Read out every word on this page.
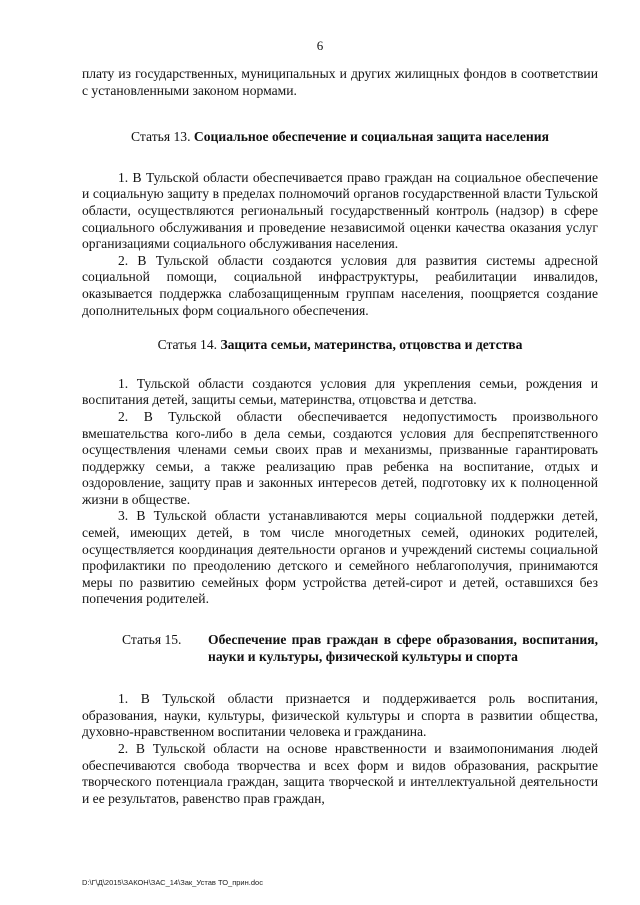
6

плату из государственных, муниципальных и других жилищных фондов в соответствии с установленными законом нормами.

Статья 13. Социальное обеспечение и социальная защита населения

1. В Тульской области обеспечивается право граждан на социальное обеспечение и социальную защиту в пределах полномочий органов государственной власти Тульской области, осуществляются региональный государственный контроль (надзор) в сфере социального обслуживания и проведение независимой оценки качества оказания услуг организациями социального обслуживания населения.

2. В Тульской области создаются условия для развития системы адресной социальной помощи, социальной инфраструктуры, реабилитации инвалидов, оказывается поддержка слабозащищенным группам населения, поощряется создание дополнительных форм социального обеспечения.

Статья 14. Защита семьи, материнства, отцовства и детства

1. Тульской области создаются условия для укрепления семьи, рождения и воспитания детей, защиты семьи, материнства, отцовства и детства.

2. В Тульской области обеспечивается недопустимость произвольного вмешательства кого-либо в дела семьи, создаются условия для беспрепятственного осуществления членами семьи своих прав и механизмы, призванные гарантировать поддержку семьи, а также реализацию прав ребенка на воспитание, отдых и оздоровление, защиту прав и законных интересов детей, подготовку их к полноценной жизни в обществе.

3. В Тульской области устанавливаются меры социальной поддержки детей, семей, имеющих детей, в том числе многодетных семей, одиноких родителей, осуществляется координация деятельности органов и учреждений системы социальной профилактики по преодолению детского и семейного неблагополучия, принимаются меры по развитию семейных форм устройства детей-сирот и детей, оставшихся без попечения родителей.

Статья 15.	Обеспечение прав граждан в сфере образования, воспитания, науки и культуры, физической культуры и спорта

1. В Тульской области признается и поддерживается роль воспитания, образования, науки, культуры, физической культуры и спорта в развитии общества, духовно-нравственном воспитании человека и гражданина.

2. В Тульской области на основе нравственности и взаимопонимания людей обеспечиваются свобода творчества и всех форм и видов образования, раскрытие творческого потенциала граждан, защита творческой и интеллектуальной деятельности и ее результатов, равенство прав граждан,

D:\Г\Д\2015\ЗАКОН\ЗАС_14\Зак_Устав ТО_прин.doc
